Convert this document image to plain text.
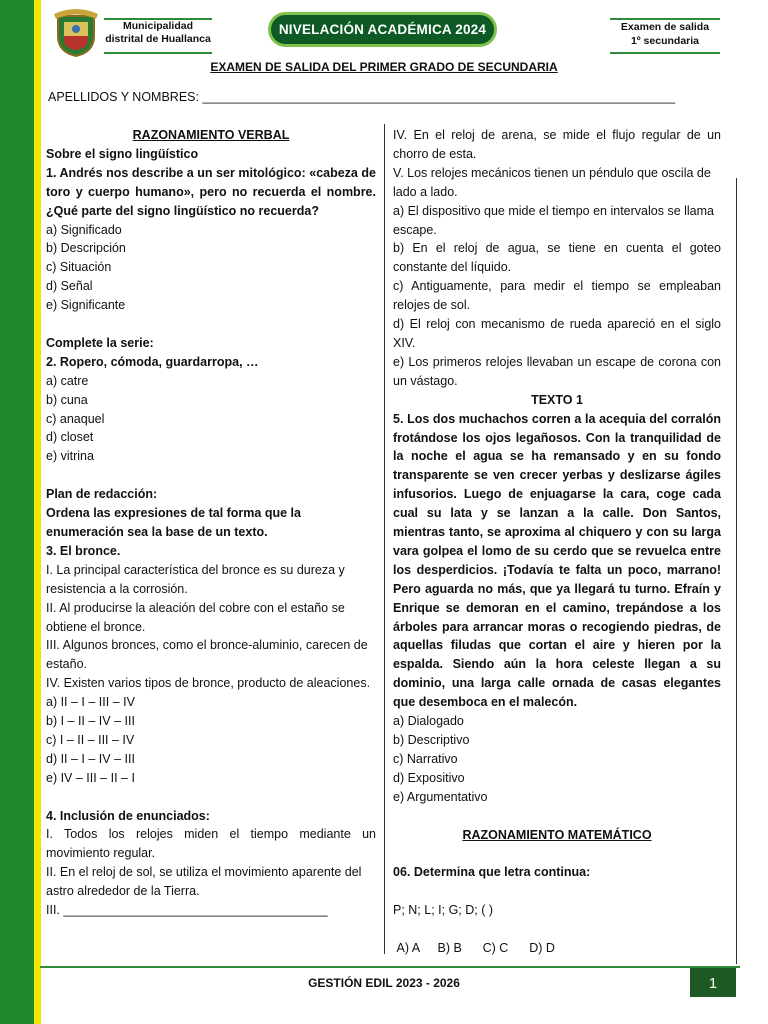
Municipalidad
distrital de Huallanca
NIVELACIÓN ACADÉMICA 2024	Examen de salida
1º secundaria
EXAMEN DE SALIDA DEL PRIMER GRADO DE SECUNDARIA
APELLIDOS Y NOMBRES: ____________________________________________________________________

RAZONAMIENTO VERBAL

Sobre el signo lingüístico

1. Andrés nos describe a un ser mitológico: «cabeza de toro y cuerpo humano», pero no recuerda el nombre. ¿Qué parte del signo lingüístico no recuerda?

a) Significado

b) Descripción

c) Situación

d) Señal

e) Significante

Complete la serie:

2. Ropero, cómoda, guardarropa, …

a) catre

b) cuna

c) anaquel

d) closet

e) vitrina

Plan de redacción:

Ordena las expresiones de tal forma que la enumeración sea la base de un texto.

3. El bronce.

I. La principal característica del bronce es su dureza y resistencia a la corrosión.

II. Al producirse la aleación del cobre con el estaño se obtiene el bronce.

III. Algunos bronces, como el bronce-aluminio, carecen de estaño.

IV. Existen varios tipos de bronce, producto de aleaciones.

a) II – I – III – IV

b) I – II – IV – III

c) I – II – III – IV

d) II – I – IV – III

e) IV – III – II – I

4. Inclusión de enunciados:

I. Todos los relojes miden el tiempo mediante un movimiento regular.

II. En el reloj de sol, se utiliza el movimiento aparente del astro alrededor de la Tierra.

III. ______________________________________

IV. En el reloj de arena, se mide el flujo regular de un chorro de esta.

V. Los relojes mecánicos tienen un péndulo que oscila de lado a lado.

a) El dispositivo que mide el tiempo en intervalos se llama escape.

b) En el reloj de agua, se tiene en cuenta el goteo constante del líquido.

c) Antiguamente, para medir el tiempo se empleaban relojes de sol.

d) El reloj con mecanismo de rueda apareció en el siglo XIV.

e) Los primeros relojes llevaban un escape de corona con un vástago.

TEXTO 1

5. Los dos muchachos corren a la acequia del corralón frotándose los ojos legañosos. Con la tranquilidad de la noche el agua se ha remansado y en su fondo transparente se ven crecer yerbas y deslizarse ágiles infusorios. Luego de enjuagarse la cara, coge cada cual su lata y se lanzan a la calle. Don Santos, mientras tanto, se aproxima al chiquero y con su larga vara golpea el lomo de su cerdo que se revuelca entre los desperdicios. ¡Todavía te falta un poco, marrano! Pero aguarda no más, que ya llegará tu turno. Efraín y Enrique se demoran en el camino, trepándose a los árboles para arrancar moras o recogiendo piedras, de aquellas filudas que cortan el aire y hieren por la espalda. Siendo aún la hora celeste llegan a su dominio, una larga calle ornada de casas elegantes que desemboca en el malecón.

a) Dialogado

b) Descriptivo

c) Narrativo

d) Expositivo

e) Argumentativo

RAZONAMIENTO MATEMÁTICO

06. Determina que letra continua:

P; N; L; I; G; D; ( )

A) A B) B C) C D) D

GESTIÓN EDIL 2023 - 2026	1
